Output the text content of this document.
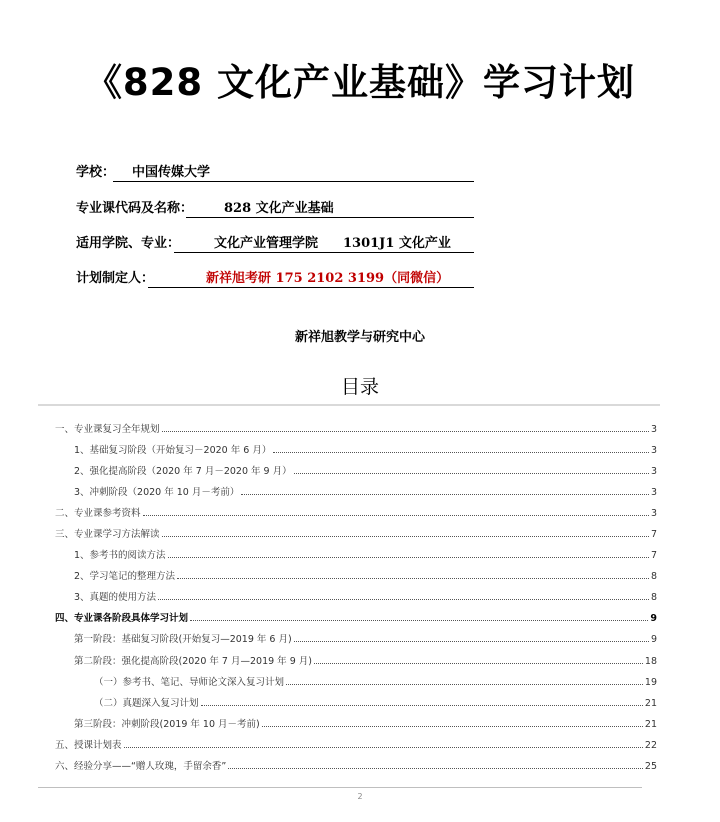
《828 文化产业基础》学习计划
学校： 中国传媒大学
专业课代码及名称： 828 文化产业基础
适用学院、专业：	文化产业管理学院 1301J1 文化产业
计划制定人：	新祥旭考研 175 2102 3199（同微信）
新祥旭教学与研究中心
目录
一、专业课复习全年规划	3
1、基础复习阶段（开始复习－2020 年 6 月）	3
2、强化提高阶段（2020 年 7 月－2020 年 9 月）	3
3、冲刺阶段（2020 年 10 月－考前）	3
二、专业课参考资料	3
三、专业课学习方法解读	7
1、参考书的阅读方法	7
2、学习笔记的整理方法	8
3、真题的使用方法	8
四、专业课各阶段具体学习计划	9
第一阶段：基础复习阶段(开始复习—2019 年 6 月)	9
第二阶段：强化提高阶段(2020 年 7 月—2019 年 9 月)	18
（一）参考书、笔记、导师论文深入复习计划	19
（二）真题深入复习计划	21
第三阶段：冲刺阶段(2019 年 10 月－考前)	21
五、授课计划表	22
六、经验分享——“赠人玫瑰，手留余香”	25
2
